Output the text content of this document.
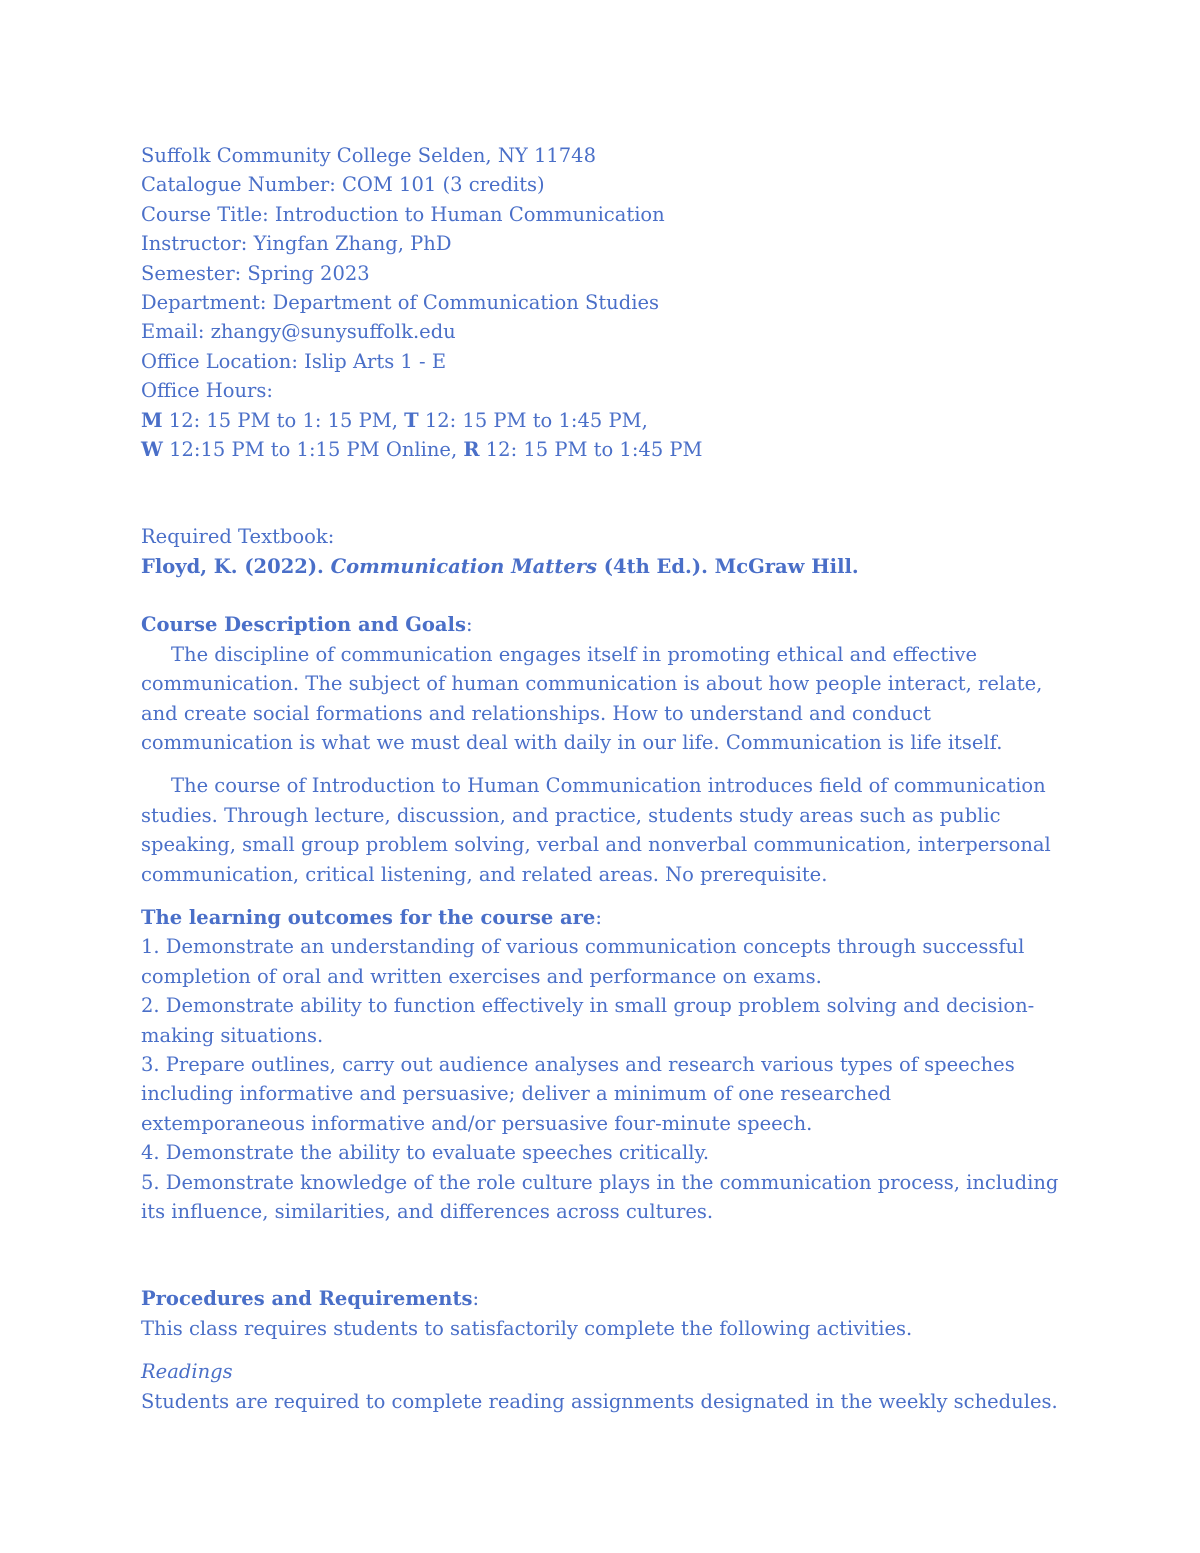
Suffolk Community College Selden, NY 11748
Catalogue Number: COM 101 (3 credits)
Course Title: Introduction to Human Communication
Instructor: Yingfan Zhang, PhD
Semester: Spring 2023
Department: Department of Communication Studies
Email: zhangy@sunysuffolk.edu
Office Location: Islip Arts 1 - E
Office Hours:
M 12: 15 PM to 1: 15 PM, T 12: 15 PM to 1:45 PM,
W 12:15 PM to 1:15 PM Online, R 12: 15 PM to 1:45 PM
Required Textbook:
Floyd, K. (2022). Communication Matters (4th Ed.). McGraw Hill.
Course Description and Goals:
The discipline of communication engages itself in promoting ethical and effective communication. The subject of human communication is about how people interact, relate, and create social formations and relationships. How to understand and conduct communication is what we must deal with daily in our life. Communication is life itself.
The course of Introduction to Human Communication introduces field of communication studies. Through lecture, discussion, and practice, students study areas such as public speaking, small group problem solving, verbal and nonverbal communication, interpersonal communication, critical listening, and related areas. No prerequisite.
The learning outcomes for the course are:
1. Demonstrate an understanding of various communication concepts through successful completion of oral and written exercises and performance on exams.
2. Demonstrate ability to function effectively in small group problem solving and decision-making situations.
3. Prepare outlines, carry out audience analyses and research various types of speeches including informative and persuasive; deliver a minimum of one researched extemporaneous informative and/or persuasive four-minute speech.
4. Demonstrate the ability to evaluate speeches critically.
5. Demonstrate knowledge of the role culture plays in the communication process, including its influence, similarities, and differences across cultures.
Procedures and Requirements:
This class requires students to satisfactorily complete the following activities.
Readings
Students are required to complete reading assignments designated in the weekly schedules.
